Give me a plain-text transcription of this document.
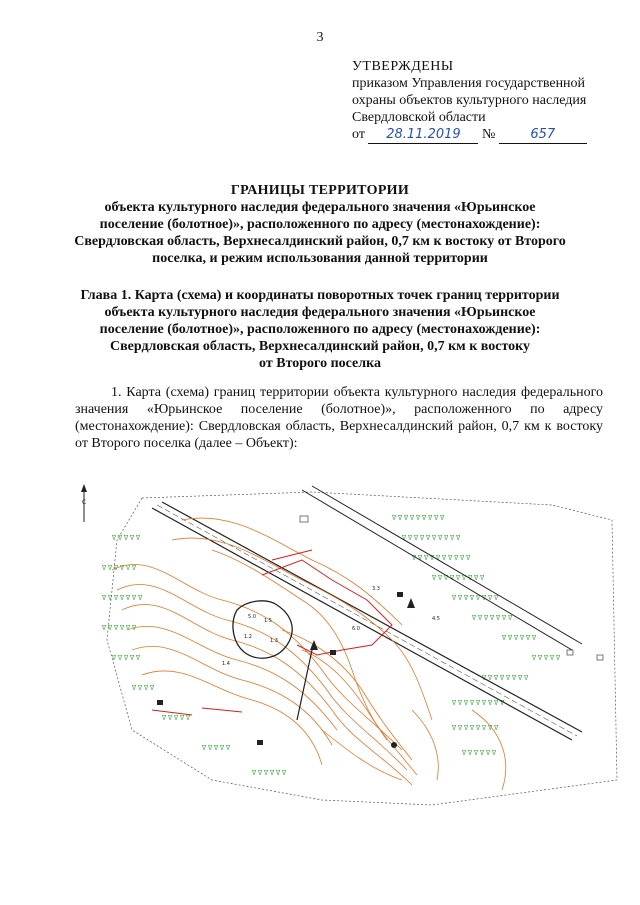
3
УТВЕРЖДЕНЫ
приказом Управления государственной
охраны объектов культурного наследия
Свердловской области
от 28.11.2019 №	657
ГРАНИЦЫ ТЕРРИТОРИИ
объекта культурного наследия федерального значения «Юрьинское
поселение (болотное)», расположенного по адресу (местонахождение):
Свердловская область, Верхнесалдинский район, 0,7 км к востоку от Второго
поселка, и режим использования данной территории
Глава 1. Карта (схема) и координаты поворотных точек границ территории
объекта культурного наследия федерального значения «Юрьинское
поселение (болотное)», расположенного по адресу (местонахождение):
Свердловская область, Верхнесалдинский район, 0,7 км к востоку
от Второго поселка
1. Карта (схема) границ территории объекта культурного наследия федерального значения «Юрьинское поселение (болотное)», расположенного по адресу (местонахождение): Свердловская область, Верхнесалдинский район, 0,7 км к востоку от Второго поселка (далее – Объект):
С
ᐁ ᐁ ᐁ ᐁ ᐁ ᐁ ᐁ ᐁ ᐁ
ᐁ ᐁ ᐁ ᐁ ᐁ ᐁ ᐁ ᐁ ᐁ ᐁ
ᐁ ᐁ ᐁ ᐁ ᐁ ᐁ ᐁ ᐁ ᐁ ᐁ
ᐁ ᐁ ᐁ ᐁ ᐁ ᐁ ᐁ ᐁ ᐁ
ᐁ ᐁ ᐁ ᐁ ᐁ ᐁ ᐁ ᐁ
ᐁ ᐁ ᐁ ᐁ ᐁ ᐁ ᐁ
ᐁ ᐁ ᐁ ᐁ ᐁ ᐁ
ᐁ ᐁ ᐁ ᐁ ᐁ
ᐁ ᐁ ᐁ ᐁ ᐁ ᐁ ᐁ ᐁ
ᐁ ᐁ ᐁ ᐁ ᐁ ᐁ ᐁ ᐁ ᐁ
ᐁ ᐁ ᐁ ᐁ ᐁ ᐁ ᐁ ᐁ
ᐁ ᐁ ᐁ ᐁ ᐁ ᐁ
ᐁ ᐁ ᐁ ᐁ ᐁ
ᐁ ᐁ ᐁ ᐁ ᐁ ᐁ
ᐁ ᐁ ᐁ ᐁ ᐁ ᐁ ᐁ
ᐁ ᐁ ᐁ ᐁ ᐁ ᐁ
ᐁ ᐁ ᐁ ᐁ ᐁ
ᐁ ᐁ ᐁ ᐁ
ᐁ ᐁ ᐁ ᐁ ᐁ
ᐁ ᐁ ᐁ ᐁ ᐁ
ᐁ ᐁ ᐁ ᐁ ᐁ ᐁ
5.0
1.5
1.2
1.3
6.0
3.3
4.5
1.4
